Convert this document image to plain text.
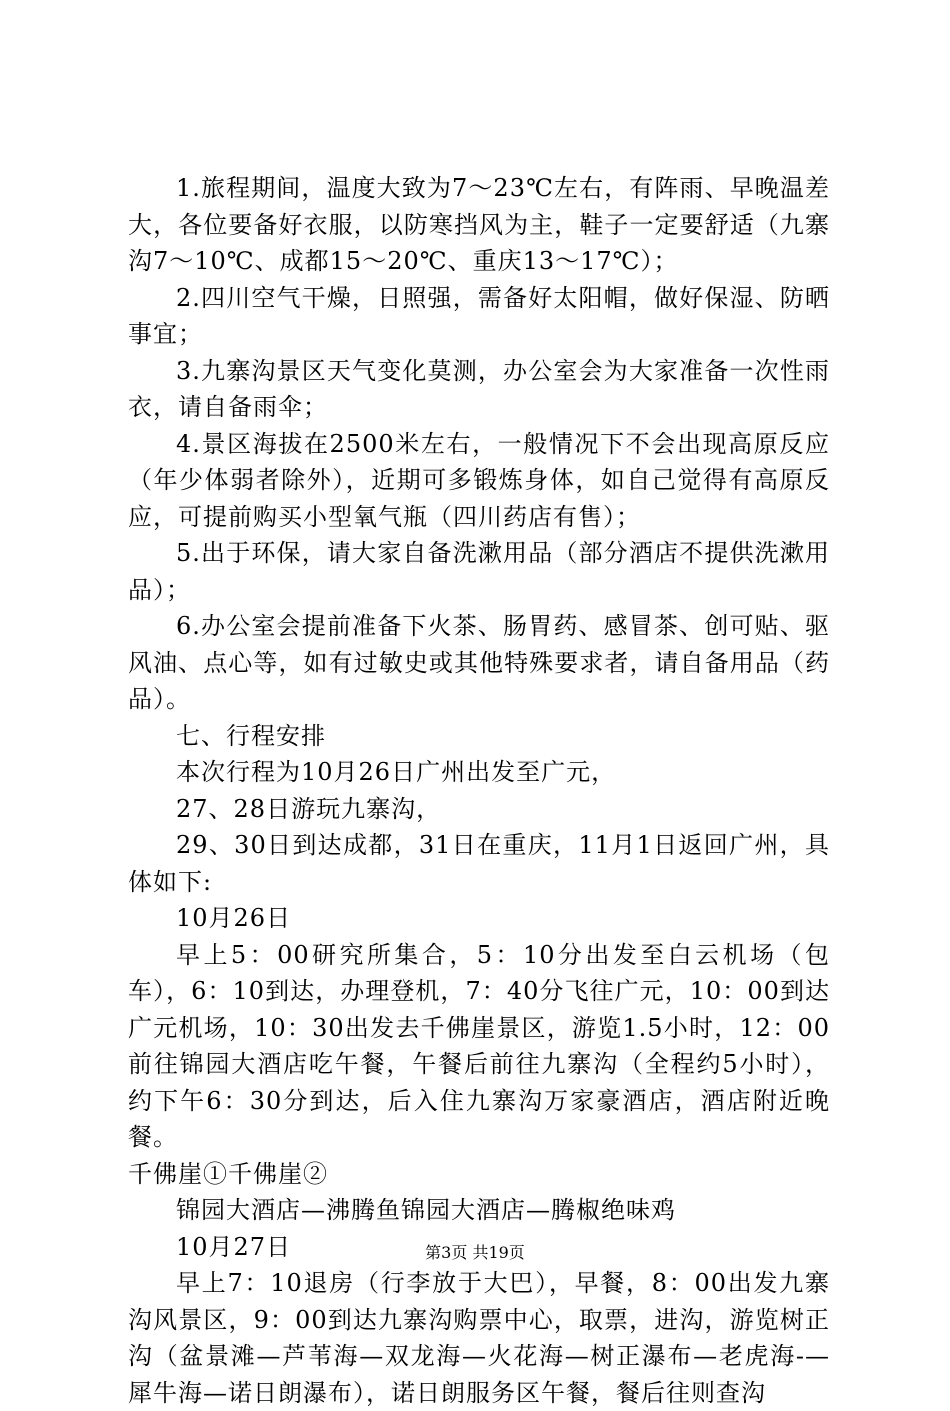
1.旅程期间，温度大致为7～23℃左右，有阵雨、早晚温差大，各位要备好衣服，以防寒挡风为主，鞋子一定要舒适（九寨沟7～10℃、成都15～20℃、重庆13～17℃）；

2.四川空气干燥，日照强，需备好太阳帽，做好保湿、防晒事宜；

3.九寨沟景区天气变化莫测，办公室会为大家准备一次性雨衣，请自备雨伞；

4.景区海拔在2500米左右，一般情况下不会出现高原反应（年少体弱者除外），近期可多锻炼身体，如自己觉得有高原反应，可提前购买小型氧气瓶（四川药店有售）；

5.出于环保，请大家自备洗漱用品（部分酒店不提供洗漱用品）；

6.办公室会提前准备下火茶、肠胃药、感冒茶、创可贴、驱风油、点心等，如有过敏史或其他特殊要求者，请自备用品（药品）。

七、行程安排

本次行程为10月26日广州出发至广元，

27、28日游玩九寨沟，

29、30日到达成都，31日在重庆，11月1日返回广州，具体如下:

10月26日

早上5：00研究所集合，5：10分出发至白云机场（包车），6：10到达，办理登机，7：40分飞往广元，10：00到达广元机场，10：30出发去千佛崖景区，游览1.5小时，12：00前往锦园大酒店吃午餐，午餐后前往九寨沟（全程约5小时），约下午6：30分到达，后入住九寨沟万家豪酒店，酒店附近晚餐。

千佛崖①千佛崖②

锦园大酒店—沸腾鱼锦园大酒店—腾椒绝味鸡

10月27日

早上7：10退房（行李放于大巴），早餐，8：00出发九寨沟风景区，9：00到达九寨沟购票中心，取票，进沟，游览树正沟（盆景滩—芦苇海—双龙海—火花海—树正瀑布—老虎海-—犀牛海—诺日朗瀑布），诺日朗服务区午餐，餐后往则查沟

第3页 共19页
